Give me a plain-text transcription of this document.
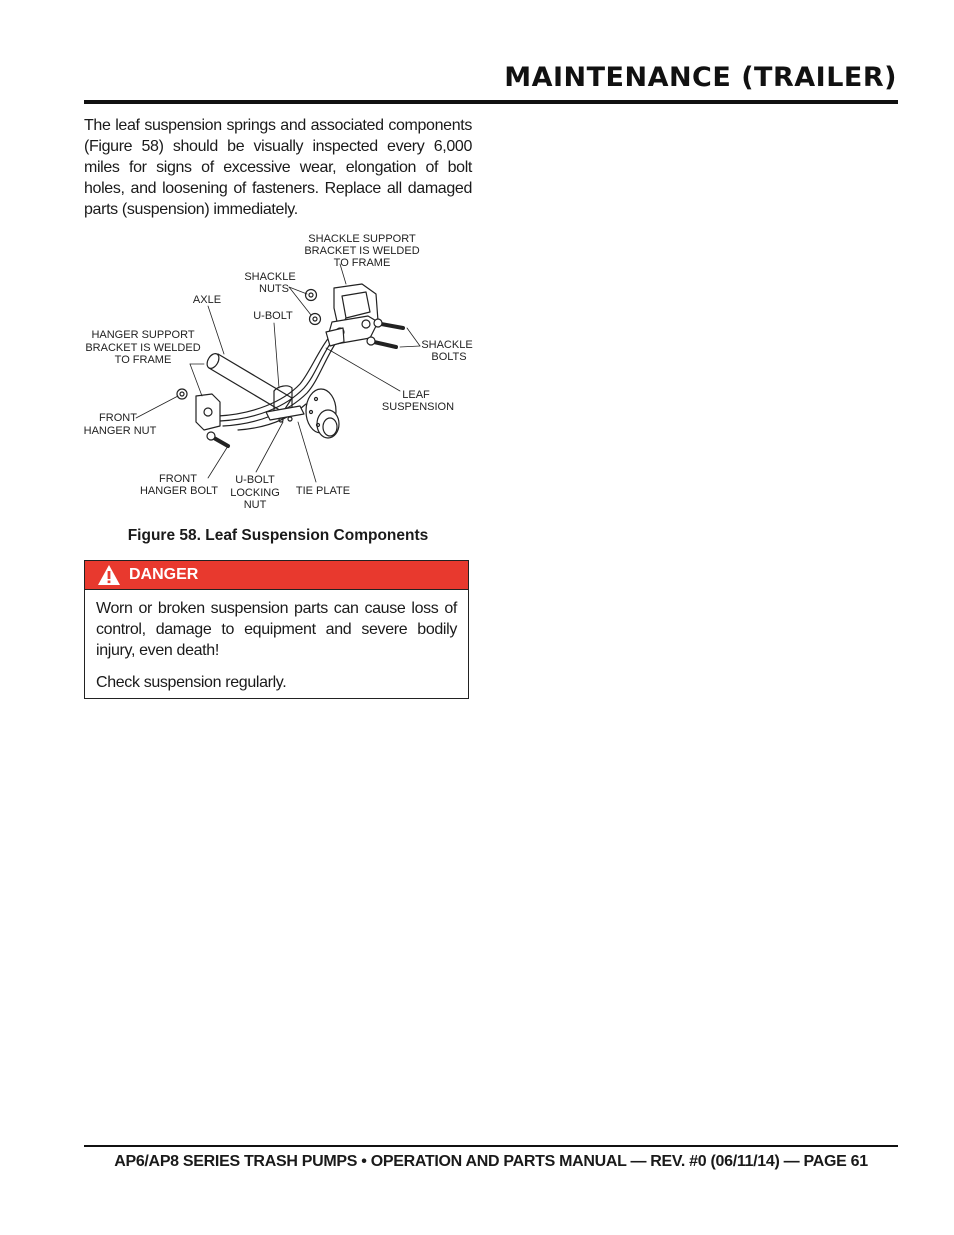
MAINTENANCE (TRAILER)

The leaf suspension springs and associated components (Figure 58) should be visually inspected every 6,000 miles for signs of excessive wear, elongation of bolt holes, and loosening of fasteners. Replace all damaged parts (suspension) immediately.

SHACKLE SUPPORT
BRACKET IS WELDED
TO FRAME
SHACKLE
NUTS
AXLE
U-BOLT
HANGER SUPPORT
BRACKET IS WELDED
TO FRAME
SHACKLE
BOLTS
LEAF
SUSPENSION
FRONT
HANGER NUT
FRONT
HANGER BOLT
U-BOLT
LOCKING
NUT
TIE PLATE

Figure 58. Leaf Suspension Components

DANGER

Worn or broken suspension parts can cause loss of control, damage to equipment and severe bodily injury, even death!

Check suspension regularly.

AP6/AP8 SERIES TRASH PUMPS • OPERATION AND PARTS MANUAL — REV. #0 (06/11/14) — PAGE 61
